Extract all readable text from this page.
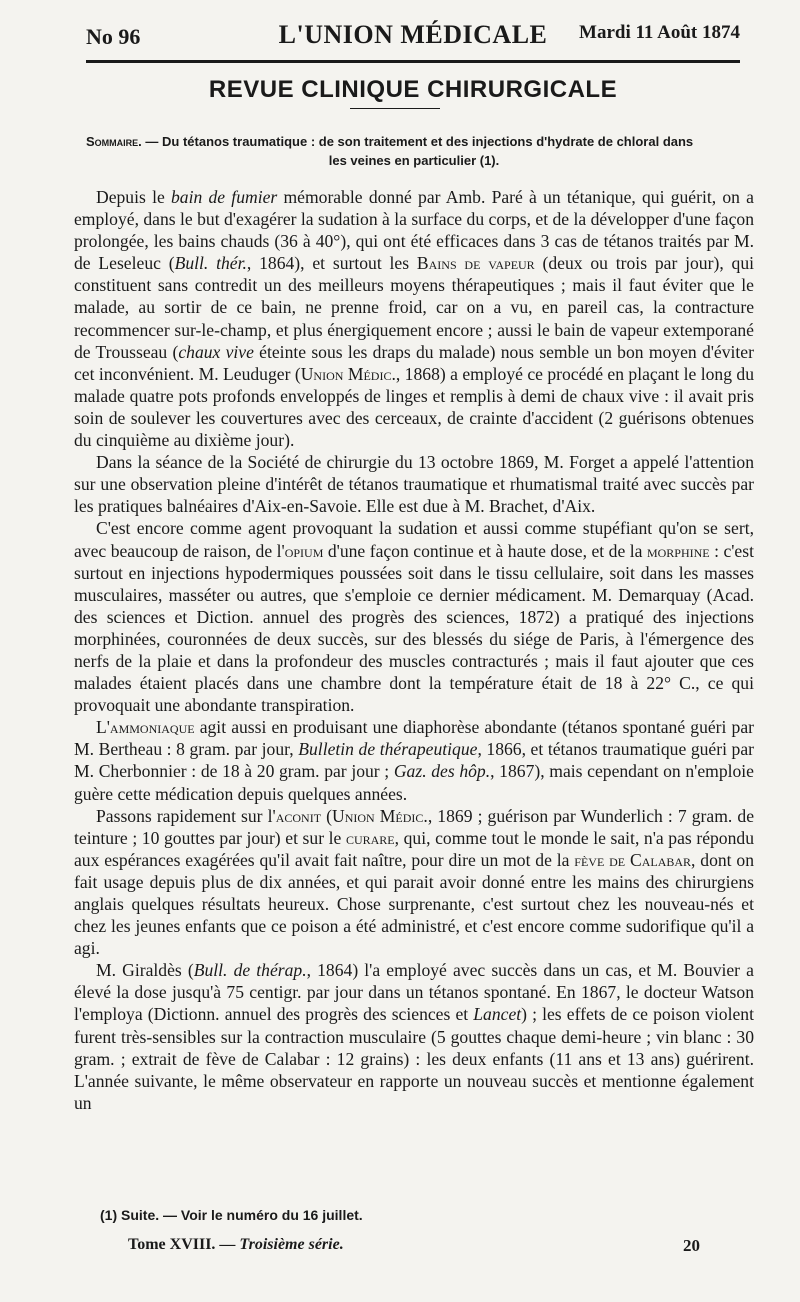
No 96	L'UNION MÉDICALE	Mardi 11 Août 1874
REVUE CLINIQUE CHIRURGICALE
Sommaire. — Du tétanos traumatique : de son traitement et des injections d'hydrate de chloral dans
les veines en particulier (1).

Depuis le bain de fumier mémorable donné par Amb. Paré à un tétanique, qui guérit, on a employé, dans le but d'exagérer la sudation à la surface du corps, et de la développer d'une façon prolongée, les bains chauds (36 à 40°), qui ont été efficaces dans 3 cas de tétanos traités par M. de Leseleuc (Bull. thér., 1864), et surtout les Bains de vapeur (deux ou trois par jour), qui constituent sans contredit un des meilleurs moyens thérapeutiques ; mais il faut éviter que le malade, au sortir de ce bain, ne prenne froid, car on a vu, en pareil cas, la contracture recommencer sur-le-champ, et plus énergiquement encore ; aussi le bain de vapeur extemporané de Trousseau (chaux vive éteinte sous les draps du malade) nous semble un bon moyen d'éviter cet inconvénient. M. Leuduger (Union Médic., 1868) a employé ce procédé en plaçant le long du malade quatre pots profonds enveloppés de linges et remplis à demi de chaux vive : il avait pris soin de soulever les couvertures avec des cerceaux, de crainte d'accident (2 guérisons obtenues du cinquième au dixième jour).

Dans la séance de la Société de chirurgie du 13 octobre 1869, M. Forget a appelé l'attention sur une observation pleine d'intérêt de tétanos traumatique et rhumatismal traité avec succès par les pratiques balnéaires d'Aix-en-Savoie. Elle est due à M. Brachet, d'Aix.

C'est encore comme agent provoquant la sudation et aussi comme stupéfiant qu'on se sert, avec beaucoup de raison, de l'opium d'une façon continue et à haute dose, et de la morphine : c'est surtout en injections hypodermiques poussées soit dans le tissu cellulaire, soit dans les masses musculaires, masséter ou autres, que s'emploie ce dernier médicament. M. Demarquay (Acad. des sciences et Diction. annuel des progrès des sciences, 1872) a pratiqué des injections morphinées, couronnées de deux succès, sur des blessés du siége de Paris, à l'émergence des nerfs de la plaie et dans la profondeur des muscles contracturés ; mais il faut ajouter que ces malades étaient placés dans une chambre dont la température était de 18 à 22° C., ce qui provoquait une abondante transpiration.

L'ammoniaque agit aussi en produisant une diaphorèse abondante (tétanos spontané guéri par M. Bertheau : 8 gram. par jour, Bulletin de thérapeutique, 1866, et tétanos traumatique guéri par M. Cherbonnier : de 18 à 20 gram. par jour ; Gaz. des hôp., 1867), mais cependant on n'emploie guère cette médication depuis quelques années.

Passons rapidement sur l'aconit (Union Médic., 1869 ; guérison par Wunderlich : 7 gram. de teinture ; 10 gouttes par jour) et sur le curare, qui, comme tout le monde le sait, n'a pas répondu aux espérances exagérées qu'il avait fait naître, pour dire un mot de la fève de Calabar, dont on fait usage depuis plus de dix années, et qui parait avoir donné entre les mains des chirurgiens anglais quelques résultats heureux. Chose surprenante, c'est surtout chez les nouveau-nés et chez les jeunes enfants que ce poison a été administré, et c'est encore comme sudorifique qu'il a agi.

M. Giraldès (Bull. de thérap., 1864) l'a employé avec succès dans un cas, et M. Bouvier a élevé la dose jusqu'à 75 centigr. par jour dans un tétanos spontané. En 1867, le docteur Watson l'employa (Dictionn. annuel des progrès des sciences et Lancet) ; les effets de ce poison violent furent très-sensibles sur la contraction musculaire (5 gouttes chaque demi-heure ; vin blanc : 30 gram. ; extrait de fève de Calabar : 12 grains) : les deux enfants (11 ans et 13 ans) guérirent. L'année suivante, le même observateur en rapporte un nouveau succès et mentionne également un

(1) Suite. — Voir le numéro du 16 juillet.
Tome XVIII. — Troisième série.	20
